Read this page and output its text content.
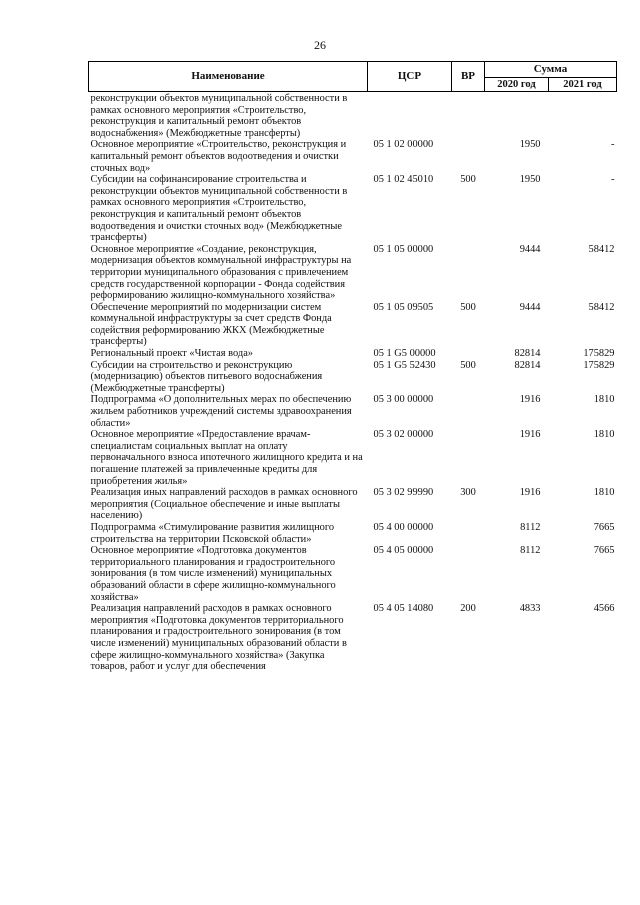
26
Наименование	ЦСР	ВР	Сумма	
			2020 год	2021 год
реконструкции объектов муниципальной собственности в рамках основного мероприятия «Строительство, реконструкция и капитальный ремонт объектов водоснабжения» (Межбюджетные трансферты)				
Основное мероприятие «Строительство, реконструкция и капитальный ремонт объектов водоотведения и очистки сточных вод»	05 1 02 00000		1950	-
Субсидии на софинансирование строительства и реконструкции объектов муниципальной собственности в рамках основного мероприятия «Строительство, реконструкция и капитальный ремонт объектов водоотведения и очистки сточных вод» (Межбюджетные трансферты)	05 1 02 45010	500	1950	-
Основное мероприятие «Создание, реконструкция, модернизация объектов коммунальной инфраструктуры на территории муниципального образования с привлечением средств государственной корпорации - Фонда содействия реформированию жилищно-коммунального хозяйства»	05 1 05 00000		9444	58412
Обеспечение мероприятий по модернизации систем коммунальной инфраструктуры за счет средств Фонда содействия реформированию ЖКХ (Межбюджетные трансферты)	05 1 05 09505	500	9444	58412
Региональный проект «Чистая вода»	05 1 G5 00000		82814	175829
Субсидии на строительство и реконструкцию (модернизацию) объектов питьевого водоснабжения (Межбюджетные трансферты)	05 1 G5 52430	500	82814	175829
Подпрограмма «О дополнительных мерах по обеспечению жильем работников учреждений системы здравоохранения области»	05 3 00 00000		1916	1810
Основное мероприятие «Предоставление врачам-специалистам социальных выплат на оплату первоначального взноса ипотечного жилищного кредита и на погашение платежей за привлеченные кредиты для приобретения жилья»	05 3 02 00000		1916	1810
Реализация иных направлений расходов в рамках основного мероприятия (Социальное обеспечение и иные выплаты населению)	05 3 02 99990	300	1916	1810
Подпрограмма «Стимулирование развития жилищного строительства на территории Псковской области»	05 4 00 00000		8112	7665
Основное мероприятие «Подготовка документов территориального планирования и градостроительного зонирования (в том числе изменений) муниципальных образований области в сфере жилищно-коммунального хозяйства»	05 4 05 00000		8112	7665
Реализация направлений расходов в рамках основного мероприятия «Подготовка документов территориального планирования и градостроительного зонирования (в том числе изменений) муниципальных образований области в сфере жилищно-коммунального хозяйства» (Закупка товаров, работ и услуг для обеспечения	05 4 05 14080	200	4833	4566
